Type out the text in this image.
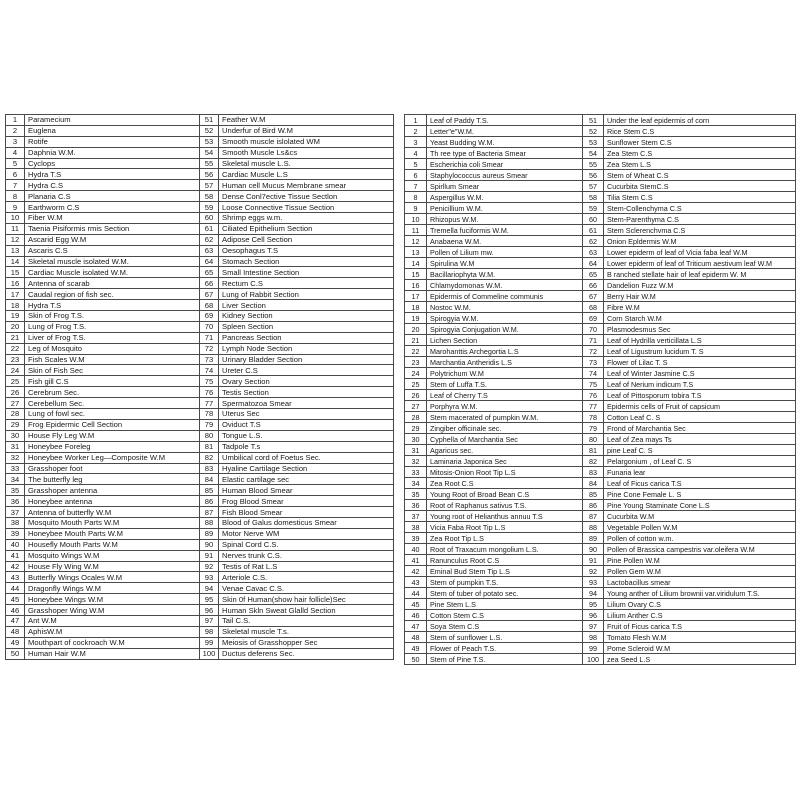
1	Paramecium	51	Feather W.M
2	Euglena	52	Underfur of Bird W.M
3	Rotife	53	Smooth muscle islolated WM
4	Daphnia W.M.	54	Smooth Muscle Ls&cs
5	Cyclops	55	Skeletal muscle L.S.
6	Hydra T.S	56	Cardiac Muscle L.S
7	Hydra C.S	57	Human cell Mucus Membrane smear
8	Planaria C.S	58	Dense Conl7ective Tissue Sectlon
9	Earthworm C.S	59	Loose Connective Tissue Section
10	Fiber W.M	60	Shrimp eggs w.m.
11	Taenia Pisiformis rmis Section	61	Ciliated Epithelium Section
12	Ascarid Egg W.M	62	Adipose Cell Section
13	Ascaris C.S	63	Oesophagus T.S
14	Skeletal muscle isolated W.M.	64	Stomach Section
15	Cardiac Muscle isolated W.M.	65	Small Intestine Section
16	Antenna of scarab	66	Rectum C.S
17	Caudal region of fish sec.	67	Lung of Rabbit Section
18	Hydra T.S	68	Liver Section
19	Skin of Frog T.S.	69	Kidney Section
20	Lung of Frog T.S.	70	Spleen Section
21	Liver of Frog T.S.	71	Pancreas Section
22	Leg of Mosquito	72	Lymph Node Section
23	Fish Scales W.M	73	Urinary Bladder Section
24	Skin of Fish Sec	74	Ureter C.S
25	Fish gill C.S	75	Ovary Section
26	Cerebrum Sec.	76	Testis Section
27	Cerebellum Sec.	77	Spermatozoa Smear
28	Lung of fowl sec.	78	Uterus Sec
29	Frog Epidermic Cell Section	79	Oviduct T.S
30	House Fly Leg W.M	80	Tongue L.S.
31	Honeybee Foreleg	81	Tadpole T.s
32	Honeybee Worker Leg—Composite W.M	82	Umbilical cord of Foetus Sec.
33	Grasshoper foot	83	Hyaline Cartilage Section
34	The butterfly leg	84	Elastic cartilage sec
35	Grasshoper antenna	85	Human Blood Smear
36	Honeybee antenna	86	Frog Blood Smear
37	Antenna of butterfly W.M	87	Fish Blood Smear
38	Mosquito Mouth Parts W.M	88	Blood of Galus domesticus Smear
39	Honeybee Mouth Parts W.M	89	Motor Nerve WM
40	Housefly Mouth Parts W.M	90	Spinal Cord C.S.
41	Mosquito Wings W.M	91	Nerves trunk C.S.
42	House Fly Wing W.M	92	Testis of Rat L.S
43	Butterfly Wings Ocales W.M	93	Arteriole C.S.
44	Dragonfly Wings W.M	94	Venae Cavac C.S.
45	Honeybee Wings W.M	95	Skin 0f Human(show hair follicle)Sec
46	Grasshoper Wing W.M	96	Human Skln Sweat Glalld Section
47	Ant W.M	97	Tail C.S.
48	AphisW.M	98	Skeletal muscle T.s.
49	Mouthpart of cockroach W.M	99	Meiosis of Grasshopper Sec
50	Human Hair W.M	100	Ductus deferens Sec.
1	Leaf of Paddy T.S.	51	Under the leaf epidermis of corn
2	Letter"e"W.M.	52	Rice Stem C.S
3	Yeast Budding W.M.	53	Sunflower Stem C.S
4	Th ree type of Bacteria Smear	54	Zea Stem C.S
5	Escherichia coli Smear	55	Zea Stem L.S
6	Staphylococcus aureus Smear	56	Stem of Wheat C.S
7	Spirllum Smear	57	Cucurbita StemC.S
8	Aspergillus W.M.	58	Tilia Stem C.S
9	Penicillium W.M.	59	Stem-Collenchyma C.S
10	Rhizopus W.M.	60	Stem-Parenthyma C.S
11	Tremella fuciformis W.M.	61	Stem Sclerenchvma C.S
12	Anabaena W.M.	62	Onion Epldermis W.M
13	Pollen of Lilium mw.	63	Lower epiderm of leaf of Vicia faba leaf W.M
14	Spirulina W.M	64	Lower epiderm of leaf of Triticum aestivum leaf W.M
15	Bacillariophyta W.M.	65	B ranched stellate hair of leaf epiderm W. M
16	Chlamydomonas W.M.	66	Dandelion Fuzz W.M
17	Epidermis of Commeline communis	67	Berry Hair W.M
18	Nostoc W.M.	68	Fibre W.M
19	Spirogyia W.M.	69	Corn Starch W.M
20	Spirogyia Conjugation W.M.	70	Plasmodesmus Sec
21	Lichen Section	71	Leaf of Hydrilla verticillata L.S
22	Marohanttis Archegortia L.S	72	Leaf of Ligustrum lucidum T. S
23	Marchantia Antheridis L.S	73	Flower of Lilac T. S
24	Polytrichum W.M	74	Leaf of Winter Jasmine C.S
25	Stem of Luffa T.S.	75	Leaf of Nerium indicum T.S
26	Leaf of Cherry T.S	76	Leaf of Pittosporum tobira T.S
27	Porphyra W.M.	77	Epidermis cells of Fruit of capsicum
28	Stem macerated of pumpkin W.M.	78	Cotton Leaf C. S
29	Zingiber officinale sec.	79	Frond of Marchantia Sec
30	Cyphella of Marchantia Sec	80	Leaf of Zea mays Ts
31	Agaricus sec.	81	pine Leaf C. S
32	Laminaria Japonica Sec	82	Pelargonium , of Leaf C. S
33	Mitosis-Onion Root Tip L.S	83	Funaria lear
34	Zea Root C.S	84	Leaf of Ficus carica T.S
35	Young Root of Broad Bean C.S	85	Pine Cone Female L. S
36	Root of Raphanus sativus T.S.	86	Pine Young Staminate Cone L.S
37	Young root of Helianthus annuu T.S	87	Cucurbita W.M
38	Vicia Faba Root Tip L.S	88	Vegetable Pollen W.M
39	Zea Root Tip L.S	89	Pollen of cotton w.m.
40	Root of Traxacum mongolium L.S.	90	Pollen of Brassica campestris var.oleifera W.M
41	Ranunculus Root C.S	91	Pine Pollen W.M
42	Eminal Bud Stem Tip L.S	92	Pollen Gem W.M
43	Stem of pumpkin T.S.	93	Lactobacillus smear
44	Stem of tuber of potato sec.	94	Young anther of Lilium brownii var.viridulum T.S.
45	Pine Stem L.S	95	Lilium Ovary C.S
46	Cotton Stem C.S	96	Lilium Anther C.S
47	Soya Stem C.S	97	Fruit of Ficus carica T.S
48	Stem of sunflower L.S.	98	Tomato Flesh W.M
49	Flower of Peach T.S.	99	Pome Scleroid W.M
50	Stem of Pine T.S.	100	zea Seed L.S
